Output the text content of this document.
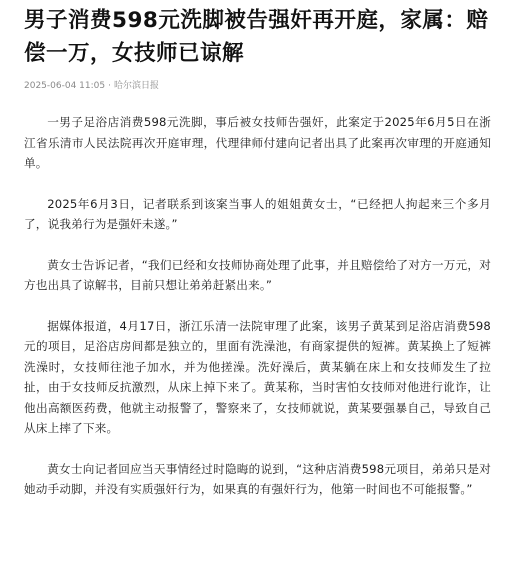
男子消费598元洗脚被告强奸再开庭，家属：赔偿一万，女技师已谅解
2025-06-04 11:05 · 哈尔滨日报

一男子足浴店消费598元洗脚，事后被女技师告强奸，此案定于2025年6月5日在浙江省乐清市人民法院再次开庭审理，代理律师付建向记者出具了此案再次审理的开庭通知单。

2025年6月3日，记者联系到该案当事人的姐姐黄女士，“已经把人拘起来三个多月了，说我弟行为是强奸未遂。”

黄女士告诉记者，“我们已经和女技师协商处理了此事，并且赔偿给了对方一万元，对方也出具了谅解书，目前只想让弟弟赶紧出来。”

据媒体报道，4月17日，浙江乐清一法院审理了此案，该男子黄某到足浴店消费598元的项目，足浴店房间都是独立的，里面有洗澡池，有商家提供的短裤。黄某换上了短裤洗澡时，女技师往池子加水，并为他搓澡。洗好澡后，黄某躺在床上和女技师发生了拉扯，由于女技师反抗激烈，从床上掉下来了。黄某称，当时害怕女技师对他进行讹诈，让他出高额医药费，他就主动报警了，警察来了，女技师就说，黄某要强暴自己，导致自己从床上摔了下来。

黄女士向记者回应当天事情经过时隐晦的说到，“这种店消费598元项目，弟弟只是对她动手动脚，并没有实质强奸行为，如果真的有强奸行为，他第一时间也不可能报警。”
